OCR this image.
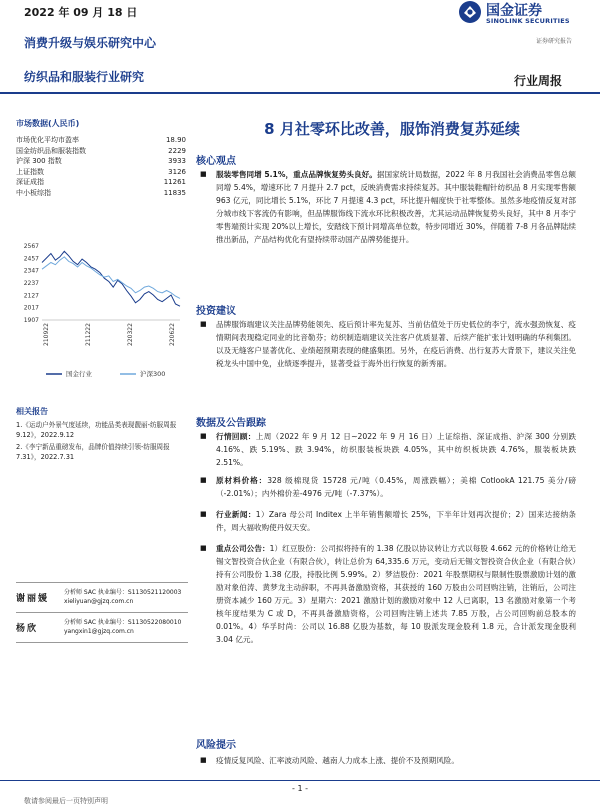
2022 年 09 月 18 日
消费升级与娱乐研究中心
纺织品和服装行业研究
国金证券
SINOLINK SECURITIES
证券研究报告
行业周报
市场数据(人民币)
市场优化平均市盈率	18.90
国金纺织品和服装指数	2229
沪深 300 指数	3933
上证指数	3126
深证成指	11261
中小板综指	11835
2567
2457
2347
2237
2127
2017
1907
210922	211222	220322	220622
国金行业	沪深300
相关报告
1.《运动户外景气度延续，功能品类表现靓丽-纺服周报 9.12》，2022.9.12
2.《李宁新品重磅发布，品牌价值持续引领-纺服周报 7.31》，2022.7.31
谢丽媛
分析师 SAC 执业编号：S1130521120003
xieliyuan@gjzq.com.cn
杨欣
分析师 SAC 执业编号：S1130522080010
yangxin1@gjzq.com.cn
8 月社零环比改善，服饰消费复苏延续
核心观点
■	服装零售同增 5.1%，重点品牌恢复势头良好。据国家统计局数据，2022 年 8 月我国社会消费品零售总额同增 5.4%，增速环比 7 月提升 2.7 pct，反映消费需求持续复苏。其中服装鞋帽针纺织品 8 月实现零售额 963 亿元，同比增长 5.1%，环比 7 月提速 4.3 pct，环比提升幅度快于社零整体。虽然多地疫情反复对部分城市线下客流仍有影响，但品牌服饰线下流水环比积极改善，尤其运动品牌恢复势头良好，其中 8 月李宁零售端预计实现 20%以上增长，安踏线下预计同增高单位数，特步同增近 30%，伴随着 7-8 月各品牌陆续推出新品，产品结构优化有望持续带动国产品牌势能提升。
投资建议
■	品牌服饰端建议关注品牌势能领先、疫后预计率先复苏、当前估值处于历史低位的李宁，流水强劲恢复、疫情期间表现稳定同业的比音勒芬；纺织制造端建议关注客户优质显著、后续产能扩张计划明确的华利集团。以及无缝客户显著优化、业绩超预期表现的健盛集团。另外，在疫后消费、出行复苏大背景下，建议关注免税龙头中国中免，业绩逐季提升，显著受益于海外出行恢复的新秀丽。
数据及公告跟踪
■	行情回顾：上周（2022 年 9 月 12 日~2022 年 9 月 16 日）上证综指、深证成指、沪深 300 分别跌 4.16%、跌 5.19%、跌 3.94%，纺织服装板块跌 4.05%，其中纺织板块跌 4.76%，服装板块跌 2.51%。
■	原材料价格：328 级棉现货 15728 元/吨（0.45%，周涨跌幅）；美棉 CotlookA 121.75 美分/磅（-2.01%）；内外棉价差-4976 元/吨（-7.37%）。
■	行业新闻：1）Zara 母公司 Inditex 上半年销售额增长 25%，下半年计划再次提价；2）国来达接纳条件，周大福收购使丹奴天安。
■	重点公司公告：1）红豆股份：公司拟将持有的 1.38 亿股以协议转让方式以每股 4.662 元的价格转让给无锡文智投资合伙企业（有限合伙），转让总价为 64,335.6 万元，变动后无锡文智投资合伙企业（有限合伙）持有公司股份 1.38 亿股，持股比例 5.99%。2）梦洁股份：2021 年股票期权与限制性股票激励计划的激励对象伯涛、黄梦龙主动辞职，不再具备激励资格，其获授的 160 万股由公司回购注销，注销后，公司注册资本减少 160 万元。3）星期六：2021 激励计划的激励对象中 12 人已离职，13 名激励对象第一个考核年度结果为 C 或 D，不再具备激励资格，公司回购注销上述共 7.85 万股，占公司回购前总股本的 0.01%。4）华孚时尚：公司以 16.88 亿股为基数，每 10 股派发现金股利 1.8 元，合计派发现金股利 3.04 亿元。
风险提示
■	疫情反复风险、汇率波动风险、越南人力成本上涨、提价不及预期风险。
- 1 -
敬请参阅最后一页特别声明
